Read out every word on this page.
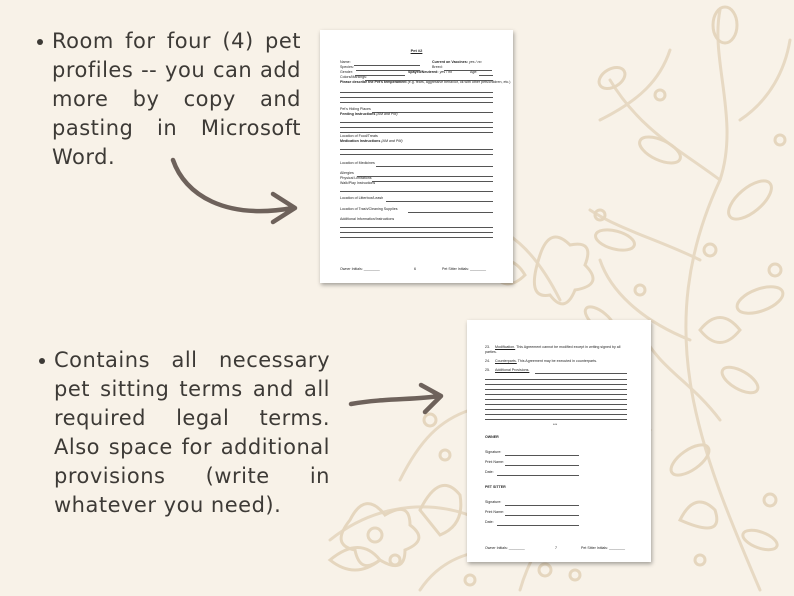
Room for four (4) pet profiles -- you can add more by copy and pasting in Microsoft Word.
Contains all necessary pet sitting terms and all required legal terms. Also space for additional provisions (write in whatever you need).
Pet #2
Name:	Current on Vaccines: yes / no
Species:	Breed:
Gender:	Spayed/Neutered: yes / no	Age:
Colors/Markings:
Please describe the Pet's temperament (e.g. fears, aggressive behavior, ok with other pets/children, etc.)
Pet's Hiding Places
Feeding Instructions (AM and PM)
Location of Food/Treats
Medication Instructions (AM and PM)
Location of Medicines
Allergies
Physical Limitations
Walk/Play Instructions
Location of Litterbox/Leash
Location of Trash/Cleaning Supplies
Additional Information/Instructions
Owner Initials: ________	6	Pet Sitter Initials: ________
23. Modification. This Agreement cannot be modified except in writing signed by all
parties.
24. Counterparts. This Agreement may be executed in counterparts.
25. Additional Provisions.
***
OWNER
Signature:
Print Name:
Date:
PET SITTER
Signature:
Print Name:
Date:
Owner Initials: ________	7	Pet Sitter Initials: ________
